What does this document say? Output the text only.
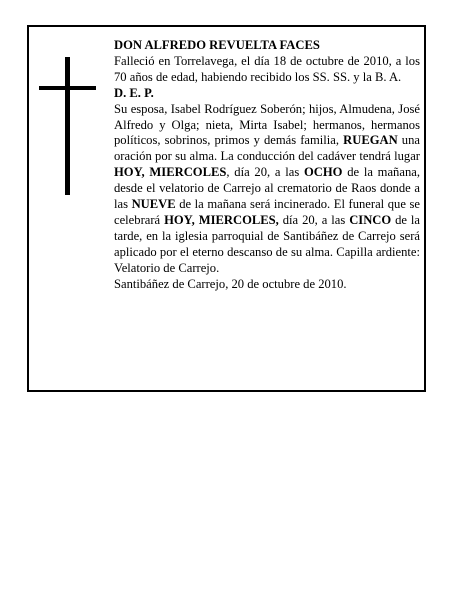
DON ALFREDO REVUELTA FACES

Falleció en Torrelavega, el día 18 de octubre de 2010, a los 70 años de edad, habiendo recibido los SS. SS. y la B. A.

D. E. P.

Su esposa, Isabel Rodríguez Soberón; hijos, Almudena, José Alfredo y Olga; nieta, Mirta Isabel; hermanos, hermanos políticos, sobrinos, primos y demás familia, RUEGAN una oración por su alma. La conducción del cadáver tendrá lugar HOY, MIERCOLES, día 20, a las OCHO de la mañana, desde el velatorio de Carrejo al crematorio de Raos donde a las NUEVE de la mañana será incinerado. El funeral que se celebrará HOY, MIERCOLES, día 20, a las CINCO de la tarde, en la iglesia parroquial de Santibáñez de Carrejo será aplicado por el eterno descanso de su alma. Capilla ardiente: Velatorio de Carrejo.

Santibáñez de Carrejo, 20 de octubre de 2010.
